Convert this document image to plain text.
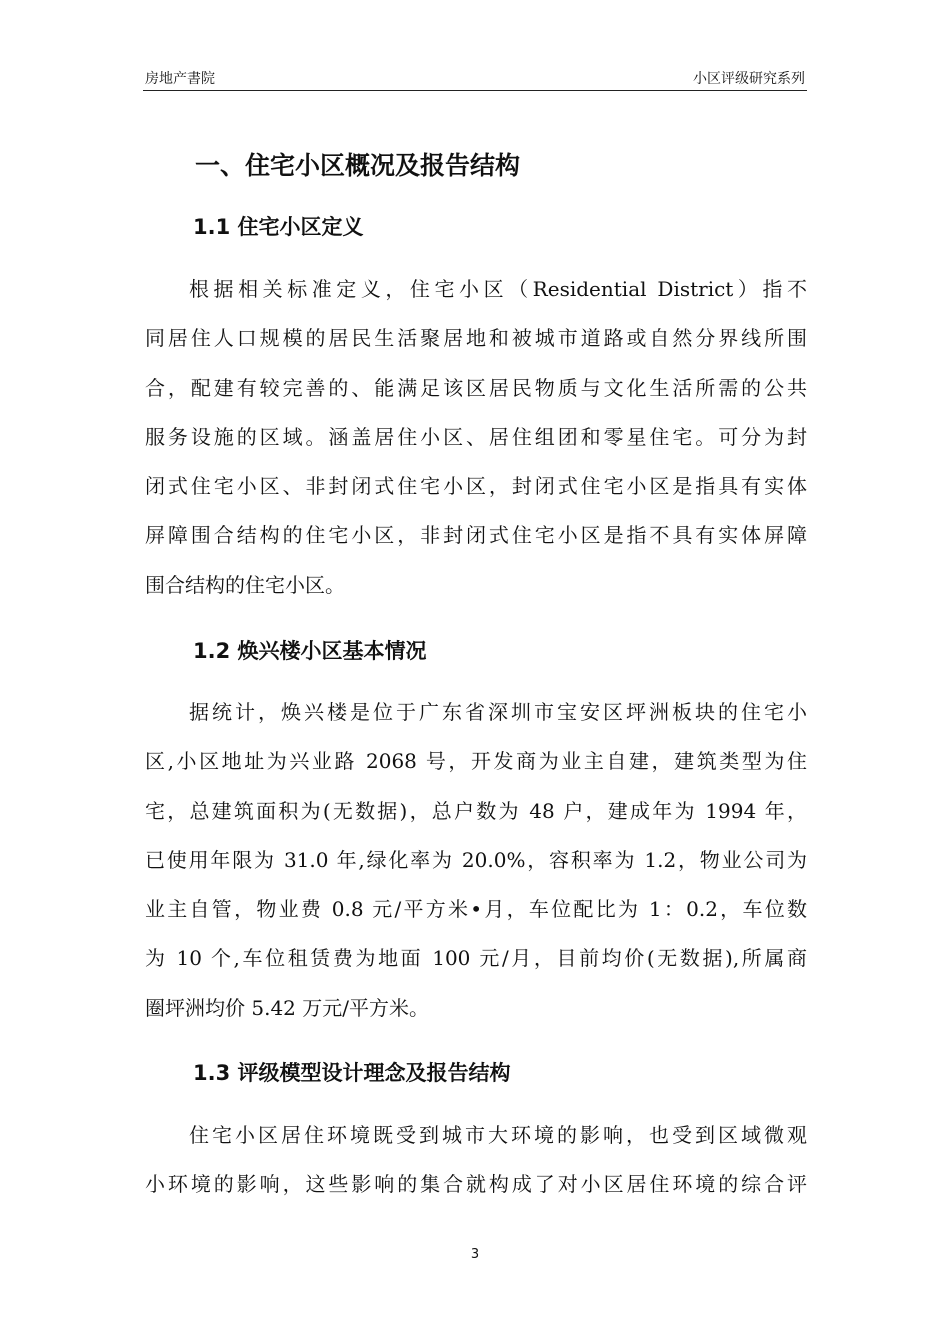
房地产書院	小区评级研究系列
一、住宅小区概况及报告结构
1.1 住宅小区定义
根据相关标准定义，住宅小区（Residential District）指不
同居住人口规模的居民生活聚居地和被城市道路或自然分界线所围
合，配建有较完善的、能满足该区居民物质与文化生活所需的公共
服务设施的区域。涵盖居住小区、居住组团和零星住宅。可分为封
闭式住宅小区、非封闭式住宅小区，封闭式住宅小区是指具有实体
屏障围合结构的住宅小区，非封闭式住宅小区是指不具有实体屏障
围合结构的住宅小区。
1.2 焕兴楼小区基本情况
据统计，焕兴楼是位于广东省深圳市宝安区坪洲板块的住宅小
区,小区地址为兴业路 2068 号，开发商为业主自建，建筑类型为住
宅，总建筑面积为(无数据)，总户数为 48 户，建成年为 1994 年，
已使用年限为 31.0 年,绿化率为 20.0%，容积率为 1.2，物业公司为
业主自管，物业费 0.8 元/平方米•月，车位配比为 1：0.2，车位数
为 10 个,车位租赁费为地面 100 元/月，目前均价(无数据),所属商
圈坪洲均价 5.42 万元/平方米。
1.3 评级模型设计理念及报告结构
住宅小区居住环境既受到城市大环境的影响，也受到区域微观
小环境的影响，这些影响的集合就构成了对小区居住环境的综合评
3
